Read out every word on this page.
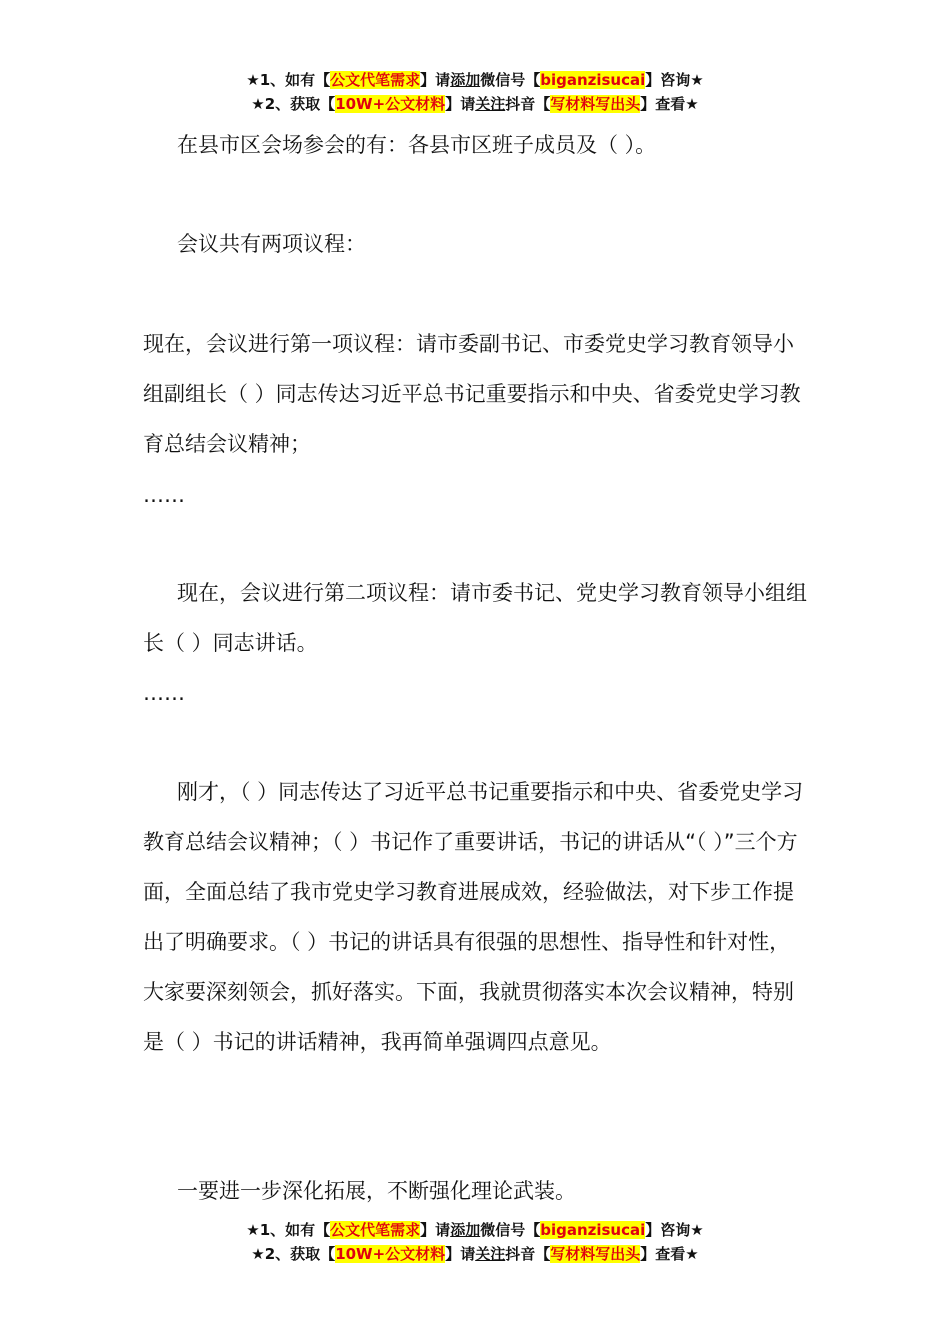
★1、如有【公文代笔需求】请添加微信号【biganzisucai】咨询★
★2、获取【10W+公文材料】请关注抖音【写材料写出头】查看★

在县市区会场参会的有：各县市区班子成员及（ ）。

会议共有两项议程：

现在，会议进行第一项议程：请市委副书记、市委党史学习教育领导小组副组长（ ）同志传达习近平总书记重要指示和中央、省委党史学习教育总结会议精神；

……

现在，会议进行第二项议程：请市委书记、党史学习教育领导小组组长（ ）同志讲话。

……

刚才，（ ）同志传达了习近平总书记重要指示和中央、省委党史学习教育总结会议精神；（ ）书记作了重要讲话，书记的讲话从“（ ）”三个方面，全面总结了我市党史学习教育进展成效，经验做法，对下步工作提出了明确要求。（ ）书记的讲话具有很强的思想性、指导性和针对性，大家要深刻领会，抓好落实。下面，我就贯彻落实本次会议精神，特别是（ ）书记的讲话精神，我再简单强调四点意见。

一要进一步深化拓展，不断强化理论武装。

★1、如有【公文代笔需求】请添加微信号【biganzisucai】咨询★
★2、获取【10W+公文材料】请关注抖音【写材料写出头】查看★
